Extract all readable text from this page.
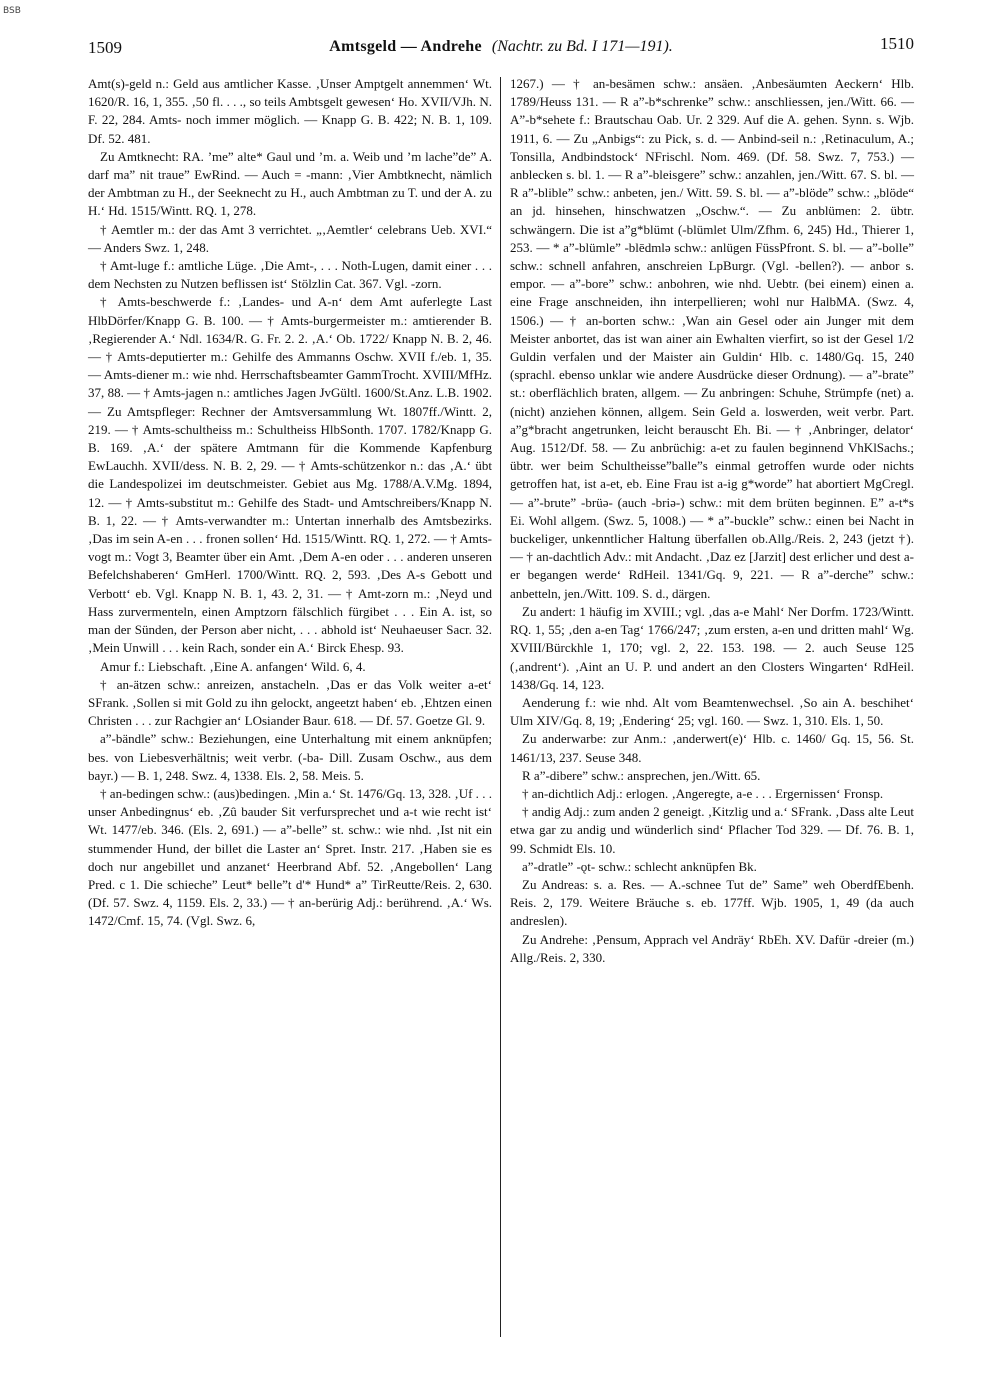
BSB
1509	Amtsgeld — Andrehe (Nachtr. zu Bd. I 171—191).	1510

Amt(s)-geld n.: Geld aus amtlicher Kasse. ‚Unser Amptgelt annemmen‘ Wt. 1620/R. 16, 1, 355. ‚50 fl. . . ., so teils Ambtsgelt gewesen‘ Ho. XVII/VJh. N. F. 22, 284. Amts- noch immer möglich. — Knapp G. B. 422; N. B. 1, 109. Df. 52. 481.

Zu Amtknecht: RA. ’me” alte* Gaul und ’m. a. Weib und ’m lache”de” A. darf ma” nit traue” EwRind. — Auch = -mann: ‚Vier Ambtknecht, nämlich der Ambtman zu H., der Seeknecht zu H., auch Ambtman zu T. und der A. zu H.‘ Hd. 1515/Wintt. RQ. 1, 278.

† Aemtler m.: der das Amt 3 verrichtet. „‚Aemtler‘ celebrans Ueb. XVI.“ — Anders Swz. 1, 248.

† Amt-luge f.: amtliche Lüge. ‚Die Amt-, . . . Noth-Lugen, damit einer . . . dem Nechsten zu Nutzen beflissen ist‘ Stölzlin Cat. 367. Vgl. -zorn.

† Amts-beschwerde f.: ‚Landes- und A-n‘ dem Amt auferlegte Last HlbDörfer/Knapp G. B. 100. — † Amts-burgermeister m.: amtierender B. ‚Regierender A.‘ Ndl. 1634/R. G. Fr. 2. 2. ‚A.‘ Ob. 1722/ Knapp N. B. 2, 46. — † Amts-deputierter m.: Gehilfe des Ammanns Oschw. XVII f./eb. 1, 35. — Amts-diener m.: wie nhd. Herrschaftsbeamter GammTrocht. XVIII/MfHz. 37, 88. — † Amts-jagen n.: amtliches Jagen JvGültl. 1600/St.Anz. L.B. 1902. — Zu Amtspfleger: Rechner der Amtsversammlung Wt. 1807ff./Wintt. 2, 219. — † Amts-schultheiss m.: Schultheiss HlbSonth. 1707. 1782/Knapp G. B. 169. ‚A.‘ der spätere Amtmann für die Kommende Kapfenburg EwLauchh. XVII/dess. N. B. 2, 29. — † Amts-schützenkor n.: das ‚A.‘ übt die Landespolizei im deutschmeister. Gebiet aus Mg. 1788/A.V.Mg. 1894, 12. — † Amts-substitut m.: Gehilfe des Stadt- und Amtschreibers/Knapp N. B. 1, 22. — † Amts-verwandter m.: Untertan innerhalb des Amtsbezirks. ‚Das im sein A-en . . . fronen sollen‘ Hd. 1515/Wintt. RQ. 1, 272. — † Amts-vogt m.: Vogt 3, Beamter über ein Amt. ‚Dem A-en oder . . . anderen unseren Befelchshaberen‘ GmHerl. 1700/Wintt. RQ. 2, 593. ‚Des A-s Gebott und Verbott‘ eb. Vgl. Knapp N. B. 1, 43. 2, 31. — † Amt-zorn m.: ‚Neyd und Hass zurvermenteln, einen Amptzorn fälschlich fürgibet . . . Ein A. ist, so man der Sünden, der Person aber nicht, . . . abhold ist‘ Neuhaeuser Sacr. 32. ‚Mein Unwill . . . kein Rach, sonder ein A.‘ Birck Ehesp. 93.

Amur f.: Liebschaft. ‚Eine A. anfangen‘ Wild. 6, 4.

† an-ätzen schw.: anreizen, anstacheln. ‚Das er das Volk weiter a-et‘ SFrank. ‚Sollen si mit Gold zu ihn gelockt, angeetzt haben‘ eb. ‚Ehtzen einen Christen . . . zur Rachgier an‘ LOsiander Baur. 618. — Df. 57. Goetze Gl. 9.

a”-bändle” schw.: Beziehungen, eine Unterhaltung mit einem anknüpfen; bes. von Liebesverhältnis; weit verbr. (-ba- Dill. Zusam Oschw., aus dem bayr.) — B. 1, 248. Swz. 4, 1338. Els. 2, 58. Meis. 5.

† an-bedingen schw.: (aus)bedingen. ‚Min a.‘ St. 1476/Gq. 13, 328. ‚Uf . . . unser Anbedingnus‘ eb. ‚Zû bauder Sit verfursprechet und a-t wie recht ist‘ Wt. 1477/eb. 346. (Els. 2, 691.) — a”-belle” st. schw.: wie nhd. ‚Ist nit ein stummender Hund, der billet die Laster an‘ Spret. Instr. 217. ‚Haben sie es doch nur angebillet und anzanet‘ Heerbrand Abf. 52. ‚Angebollen‘ Lang Pred. c 1. Die schieche” Leut* belle”t d'* Hund* a” TirReutte/Reis. 2, 630. (Df. 57. Swz. 4, 1159. Els. 2, 33.) — † an-berürig Adj.: berührend. ‚A.‘ Ws. 1472/Cmf. 15, 74. (Vgl. Swz. 6,

1267.) — † an-besämen schw.: ansäen. ‚Anbesäumten Aeckern‘ Hlb. 1789/Heuss 131. — R a”-b*schrenke” schw.: anschliessen, jen./Witt. 66. — A”-b*sehete f.: Brautschau Oab. Ur. 2 329. Auf die A. gehen. Synn. s. Wjb. 1911, 6. — Zu „Anbigs“: zu Pick, s. d. — Anbind-seil n.: ‚Retinaculum, A.; Tonsilla, Andbindstock‘ NFrischl. Nom. 469. (Df. 58. Swz. 7, 753.) — anblecken s. bl. 1. — R a”-bleisgere” schw.: anzahlen, jen./Witt. 67. S. bl. — R a”-blible” schw.: anbeten, jen./ Witt. 59. S. bl. — a”-blöde” schw.: „blöde“ an jd. hinsehen, hinschwatzen „Oschw.“. — Zu anblümen: 2. übtr. schwängern. Die ist a”g*blümt (-blümlet Ulm/Zfhm. 6, 245) Hd., Thierer 1, 253. — * a”-blümle” -blēdmlə schw.: anlügen FüssPfront. S. bl. — a”-bolle” schw.: schnell anfahren, anschreien LpBurgr. (Vgl. -bellen?). — anbor s. empor. — a”-bore” schw.: anbohren, wie nhd. Uebtr. (bei einem) einen a. eine Frage anschneiden, ihn interpellieren; wohl nur HalbMA. (Swz. 4, 1506.) — † an-borten schw.: ‚Wan ain Gesel oder ain Junger mit dem Meister anbortet, das ist wan ainer ain Ewhalten vierfirt, so ist der Gesel 1/2 Guldin verfalen und der Maister ain Guldin‘ Hlb. c. 1480/Gq. 15, 240 (sprachl. ebenso unklar wie andere Ausdrücke dieser Ordnung). — a”-brate” st.: oberflächlich braten, allgem. — Zu anbringen: Schuhe, Strümpfe (net) a. (nicht) anziehen können, allgem. Sein Geld a. loswerden, weit verbr. Part. a”g*bracht angetrunken, leicht berauscht Eh. Bi. — † ‚Anbringer, delator‘ Aug. 1512/Df. 58. — Zu anbrüchig: a-et zu faulen beginnend VhKlSachs.; übtr. wer beim Schultheisse”balle”s einmal getroffen wurde oder nichts getroffen hat, ist a-et, eb. Eine Frau ist a-ig g*worde” hat abortiert MgCregl. — a”-brute” -brüə- (auch -briə-) schw.: mit dem brüten beginnen. E” a-t*s Ei. Wohl allgem. (Swz. 5, 1008.) — * a”-buckle” schw.: einen bei Nacht in buckeliger, unkenntlicher Haltung überfallen ob.Allg./Reis. 2, 243 (jetzt †). — † an-dachtlich Adv.: mit Andacht. ‚Daz ez [Jarzit] dest erlicher und dest a-er begangen werde‘ RdHeil. 1341/Gq. 9, 221. — R a”-derche” schw.: anbetteln, jen./Witt. 109. S. d., därgen.

Zu andert: 1 häufig im XVIII.; vgl. ‚das a-e Mahl‘ Ner Dorfm. 1723/Wintt. RQ. 1, 55; ‚den a-en Tag‘ 1766/247; ‚zum ersten, a-en und dritten mahl‘ Wg. XVIII/Bürckhle 1, 170; vgl. 2, 22. 153. 198. — 2. auch Seuse 125 (‚andrent‘). ‚Aint an U. P. und andert an den Closters Wingarten‘ RdHeil. 1438/Gq. 14, 123.

Aenderung f.: wie nhd. Alt vom Beamtenwechsel. ‚So ain A. beschihet‘ Ulm XIV/Gq. 8, 19; ‚Endering‘ 25; vgl. 160. — Swz. 1, 310. Els. 1, 50.

Zu anderwarbe: zur Anm.: ‚anderwert(e)‘ Hlb. c. 1460/ Gq. 15, 56. St. 1461/13, 237. Seuse 348.

R a”-dibere” schw.: ansprechen, jen./Witt. 65.

† an-dichtlich Adj.: erlogen. ‚Angeregte, a-e . . . Ergernissen‘ Fronsp.

† andig Adj.: zum anden 2 geneigt. ‚Kitzlig und a.‘ SFrank. ‚Dass alte Leut etwa gar zu andig und wünderlich sind‘ Pflacher Tod 329. — Df. 76. B. 1, 99. Schmidt Els. 10.

a”-dratle” -ǫt- schw.: schlecht anknüpfen Bk.

Zu Andreas: s. a. Res. — A.-schnee Tut de” Same” weh OberdfEbenh. Reis. 2, 179. Weitere Bräuche s. eb. 177ff. Wjb. 1905, 1, 49 (da auch andreslen).

Zu Andrehe: ‚Pensum, Apprach vel Andräy‘ RbEh. XV. Dafür -dreier (m.) Allg./Reis. 2, 330.
